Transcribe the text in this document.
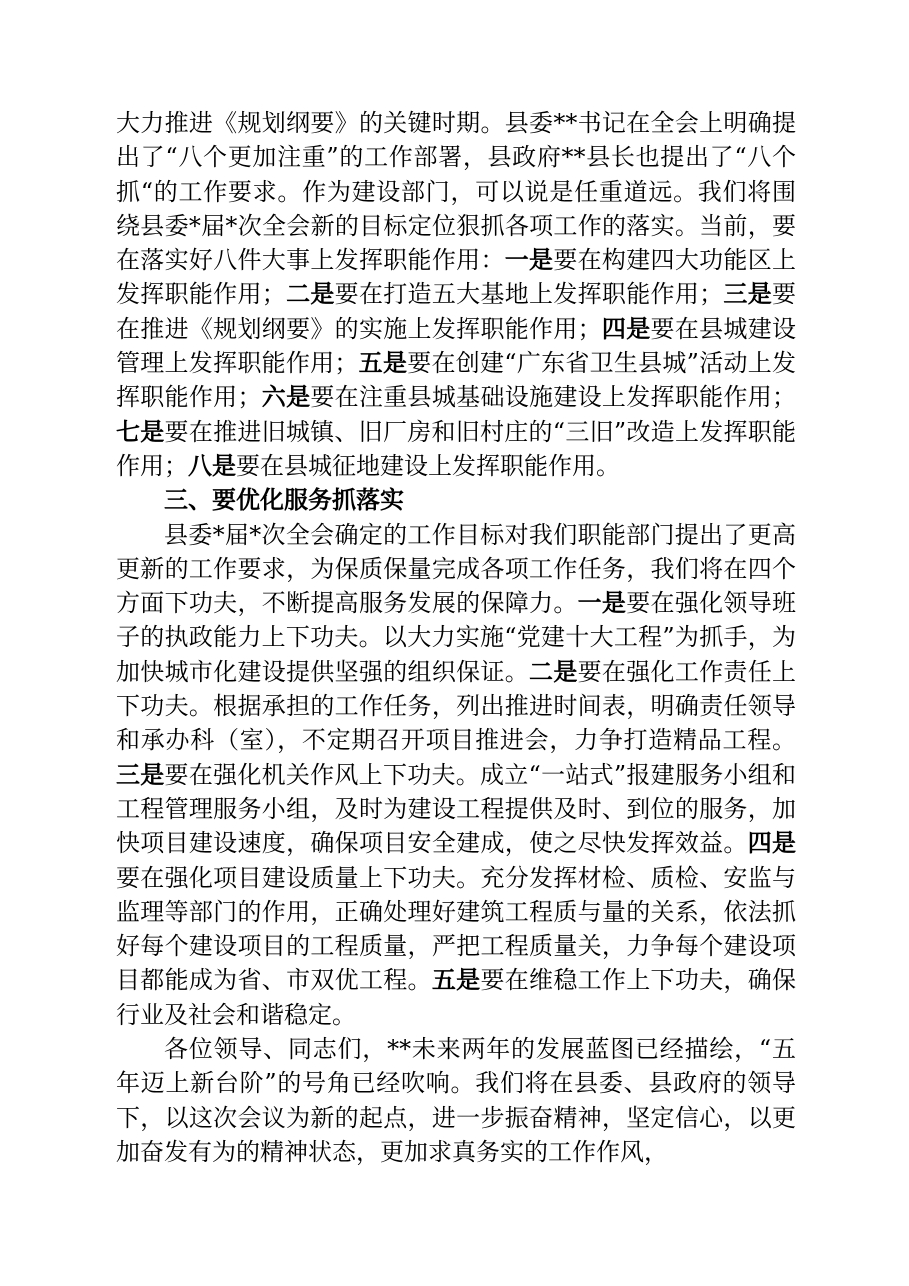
大力推进《规划纲要》的关键时期。县委**书记在全会上明确提出了“八个更加注重”的工作部署，县政府**县长也提出了“八个抓“的工作要求。作为建设部门，可以说是任重道远。我们将围绕县委*届*次全会新的目标定位狠抓各项工作的落实。当前，要在落实好八件大事上发挥职能作用：一是要在构建四大功能区上发挥职能作用；二是要在打造五大基地上发挥职能作用；三是要在推进《规划纲要》的实施上发挥职能作用；四是要在县城建设管理上发挥职能作用；五是要在创建“广东省卫生县城”活动上发挥职能作用；六是要在注重县城基础设施建设上发挥职能作用；七是要在推进旧城镇、旧厂房和旧村庄的“三旧”改造上发挥职能作用；八是要在县城征地建设上发挥职能作用。

三、要优化服务抓落实

县委*届*次全会确定的工作目标对我们职能部门提出了更高更新的工作要求，为保质保量完成各项工作任务，我们将在四个方面下功夫，不断提高服务发展的保障力。一是要在强化领导班子的执政能力上下功夫。以大力实施“党建十大工程”为抓手，为加快城市化建设提供坚强的组织保证。二是要在强化工作责任上下功夫。根据承担的工作任务，列出推进时间表，明确责任领导和承办科（室），不定期召开项目推进会，力争打造精品工程。三是要在强化机关作风上下功夫。成立“一站式”报建服务小组和工程管理服务小组，及时为建设工程提供及时、到位的服务，加快项目建设速度，确保项目安全建成，使之尽快发挥效益。四是要在强化项目建设质量上下功夫。充分发挥材检、质检、安监与监理等部门的作用，正确处理好建筑工程质与量的关系，依法抓好每个建设项目的工程质量，严把工程质量关，力争每个建设项目都能成为省、市双优工程。五是要在维稳工作上下功夫，确保行业及社会和谐稳定。

各位领导、同志们，**未来两年的发展蓝图已经描绘，“五年迈上新台阶”的号角已经吹响。我们将在县委、县政府的领导下，以这次会议为新的起点，进一步振奋精神，坚定信心，以更加奋发有为的精神状态，更加求真务实的工作作风，
